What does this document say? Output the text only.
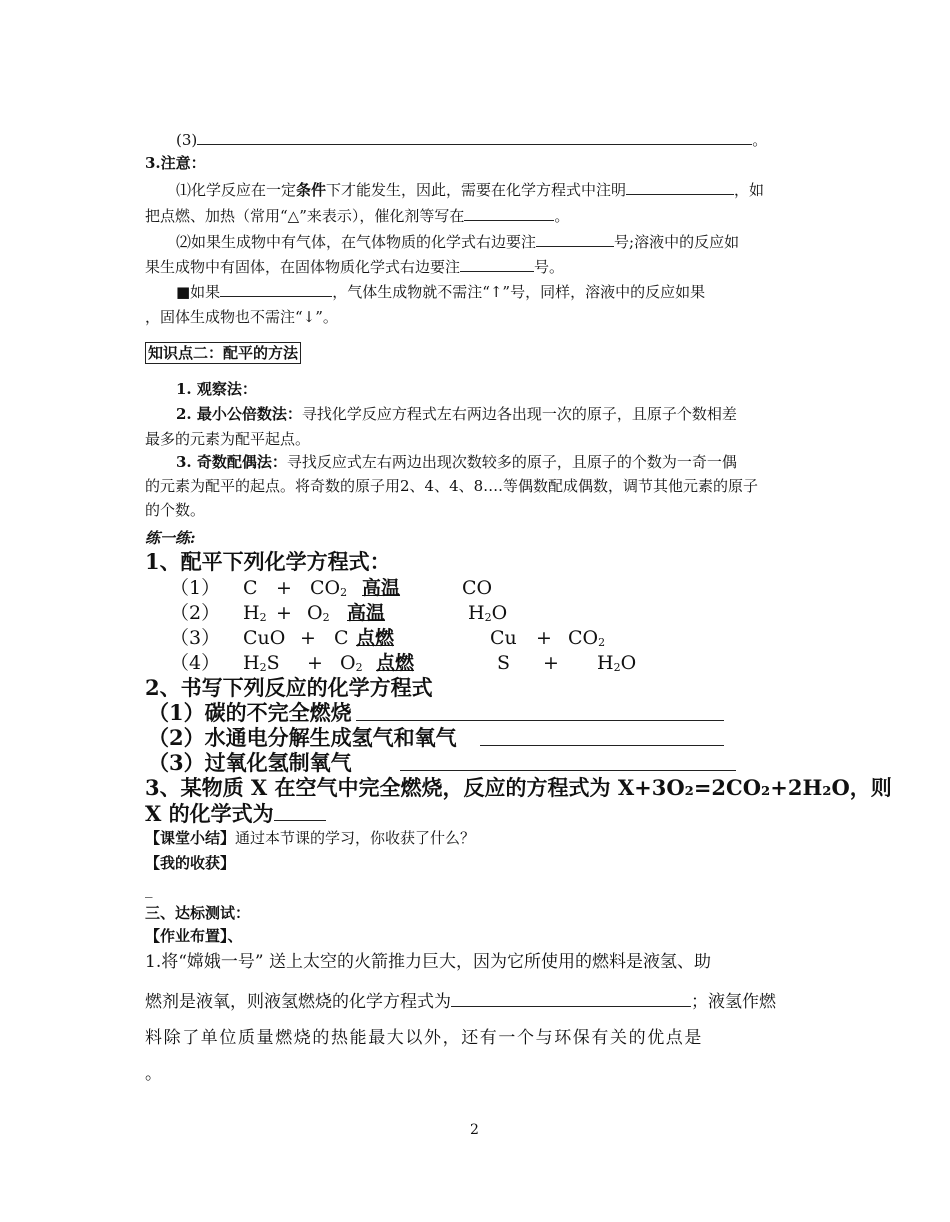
(3)	。
3.注意：
⑴化学反应在一定条件下才能发生，因此，需要在化学方程式中注明	，如
把点燃、加热（常用“△”来表示），催化剂等写在	。
⑵如果生成物中有气体，在气体物质的化学式右边要注	号;溶液中的反应如
果生成物中有固体，在固体物质化学式右边要注	号。
■如果	，气体生成物就不需注“↑”号，同样，溶液中的反应如果
，固体生成物也不需注“↓”。
知识点二：配平的方法
1. 观察法：
2. 最小公倍数法：寻找化学反应方程式左右两边各出现一次的原子，且原子个数相差
最多的元素为配平起点。
3. 奇数配偶法：寻找反应式左右两边出现次数较多的原子，且原子的个数为一奇一偶
的元素为配平的起点。将奇数的原子用2、4、4、8….等偶数配成偶数，调节其他元素的原子
的个数。
练一练:
1、配平下列化学方程式：
（1） $C + CO_2$ 高温	CO
（2） $H_2 + O_2$ 高温	$H_2O$
（3） CuO + C 点燃	$Cu + CO_2$
（4） $H_2S + O_2$ 点燃	$S + H_2O$
2、书写下列反应的化学方程式
（1）碳的不完全燃烧
（2）水通电分解生成氢气和氧气
（3）过氧化氢制氧气
3、某物质 X 在空气中完全燃烧，反应的方程式为 X+3O₂=2CO₂+2H₂O，则
X 的化学式为
【课堂小结】通过本节课的学习，你收获了什么？
【我的收获】
_
三、达标测试：
【作业布置】、
1.将“嫦娥一号” 送上太空的火箭推力巨大，因为它所使用的燃料是液氢、助
燃剂是液氧，则液氢燃烧的化学方程式为	；液氢作燃
料除了单位质量燃烧的热能最大以外，还有一个与环保有关的优点是
。
2
